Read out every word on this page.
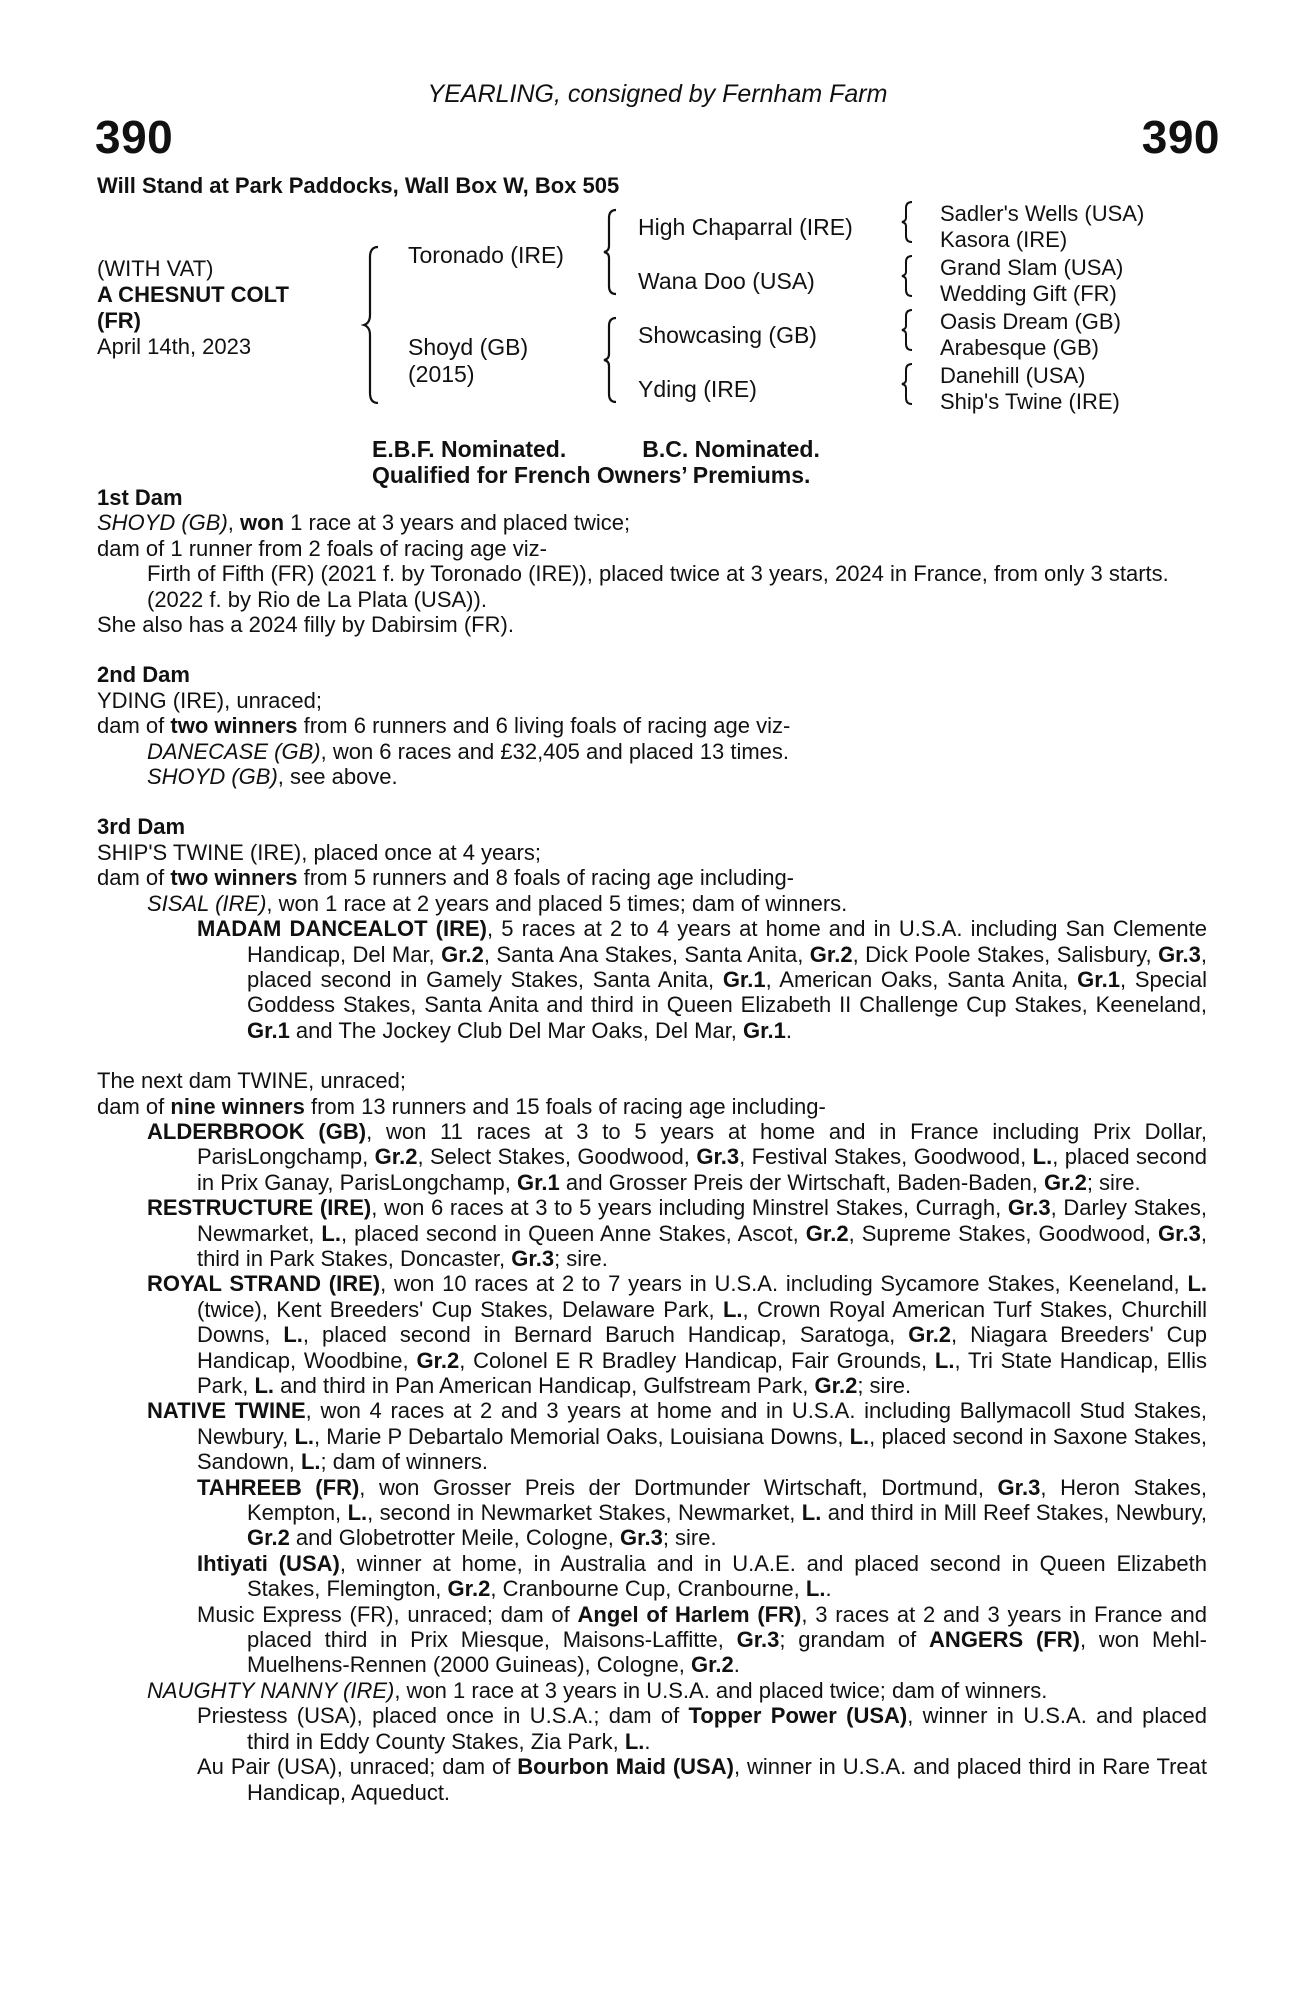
YEARLING, consigned by Fernham Farm
390	390
Will Stand at Park Paddocks, Wall Box W, Box 505
(WITH VAT)
A CHESNUT COLT
(FR)
April 14th, 2023
Toronado (IRE)
Shoyd (GB)
(2015)
High Chaparral (IRE)
Wana Doo (USA)
Showcasing (GB)
Yding (IRE)
Sadler's Wells (USA)
Kasora (IRE)
Grand Slam (USA)
Wedding Gift (FR)
Oasis Dream (GB)
Arabesque (GB)
Danehill (USA)
Ship's Twine (IRE)
E.B.F. Nominated.	B.C. Nominated.
Qualified for French Owners’ Premiums.

1st Dam

SHOYD (GB), won 1 race at 3 years and placed twice;

dam of 1 runner from 2 foals of racing age viz-

Firth of Fifth (FR) (2021 f. by Toronado (IRE)), placed twice at 3 years, 2024 in France, from only 3 starts.

(2022 f. by Rio de La Plata (USA)).

She also has a 2024 filly by Dabirsim (FR).

2nd Dam

YDING (IRE), unraced;

dam of two winners from 6 runners and 6 living foals of racing age viz-

DANECASE (GB), won 6 races and £32,405 and placed 13 times.

SHOYD (GB), see above.

3rd Dam

SHIP'S TWINE (IRE), placed once at 4 years;

dam of two winners from 5 runners and 8 foals of racing age including-

SISAL (IRE), won 1 race at 2 years and placed 5 times; dam of winners.

MADAM DANCEALOT (IRE), 5 races at 2 to 4 years at home and in U.S.A. including San Clemente Handicap, Del Mar, Gr.2, Santa Ana Stakes, Santa Anita, Gr.2, Dick Poole Stakes, Salisbury, Gr.3, placed second in Gamely Stakes, Santa Anita, Gr.1, American Oaks, Santa Anita, Gr.1, Special Goddess Stakes, Santa Anita and third in Queen Elizabeth II Challenge Cup Stakes, Keeneland, Gr.1 and The Jockey Club Del Mar Oaks, Del Mar, Gr.1.

The next dam TWINE, unraced;

dam of nine winners from 13 runners and 15 foals of racing age including-

ALDERBROOK (GB), won 11 races at 3 to 5 years at home and in France including Prix Dollar, ParisLongchamp, Gr.2, Select Stakes, Goodwood, Gr.3, Festival Stakes, Goodwood, L., placed second in Prix Ganay, ParisLongchamp, Gr.1 and Grosser Preis der Wirtschaft, Baden-Baden, Gr.2; sire.

RESTRUCTURE (IRE), won 6 races at 3 to 5 years including Minstrel Stakes, Curragh, Gr.3, Darley Stakes, Newmarket, L., placed second in Queen Anne Stakes, Ascot, Gr.2, Supreme Stakes, Goodwood, Gr.3, third in Park Stakes, Doncaster, Gr.3; sire.

ROYAL STRAND (IRE), won 10 races at 2 to 7 years in U.S.A. including Sycamore Stakes, Keeneland, L. (twice), Kent Breeders' Cup Stakes, Delaware Park, L., Crown Royal American Turf Stakes, Churchill Downs, L., placed second in Bernard Baruch Handicap, Saratoga, Gr.2, Niagara Breeders' Cup Handicap, Woodbine, Gr.2, Colonel E R Bradley Handicap, Fair Grounds, L., Tri State Handicap, Ellis Park, L. and third in Pan American Handicap, Gulfstream Park, Gr.2; sire.

NATIVE TWINE, won 4 races at 2 and 3 years at home and in U.S.A. including Ballymacoll Stud Stakes, Newbury, L., Marie P Debartalo Memorial Oaks, Louisiana Downs, L., placed second in Saxone Stakes, Sandown, L.; dam of winners.

TAHREEB (FR), won Grosser Preis der Dortmunder Wirtschaft, Dortmund, Gr.3, Heron Stakes, Kempton, L., second in Newmarket Stakes, Newmarket, L. and third in Mill Reef Stakes, Newbury, Gr.2 and Globetrotter Meile, Cologne, Gr.3; sire.

Ihtiyati (USA), winner at home, in Australia and in U.A.E. and placed second in Queen Elizabeth Stakes, Flemington, Gr.2, Cranbourne Cup, Cranbourne, L..

Music Express (FR), unraced; dam of Angel of Harlem (FR), 3 races at 2 and 3 years in France and placed third in Prix Miesque, Maisons-Laffitte, Gr.3; grandam of ANGERS (FR), won Mehl-Muelhens-Rennen (2000 Guineas), Cologne, Gr.2.

NAUGHTY NANNY (IRE), won 1 race at 3 years in U.S.A. and placed twice; dam of winners.

Priestess (USA), placed once in U.S.A.; dam of Topper Power (USA), winner in U.S.A. and placed third in Eddy County Stakes, Zia Park, L..

Au Pair (USA), unraced; dam of Bourbon Maid (USA), winner in U.S.A. and placed third in Rare Treat Handicap, Aqueduct.
